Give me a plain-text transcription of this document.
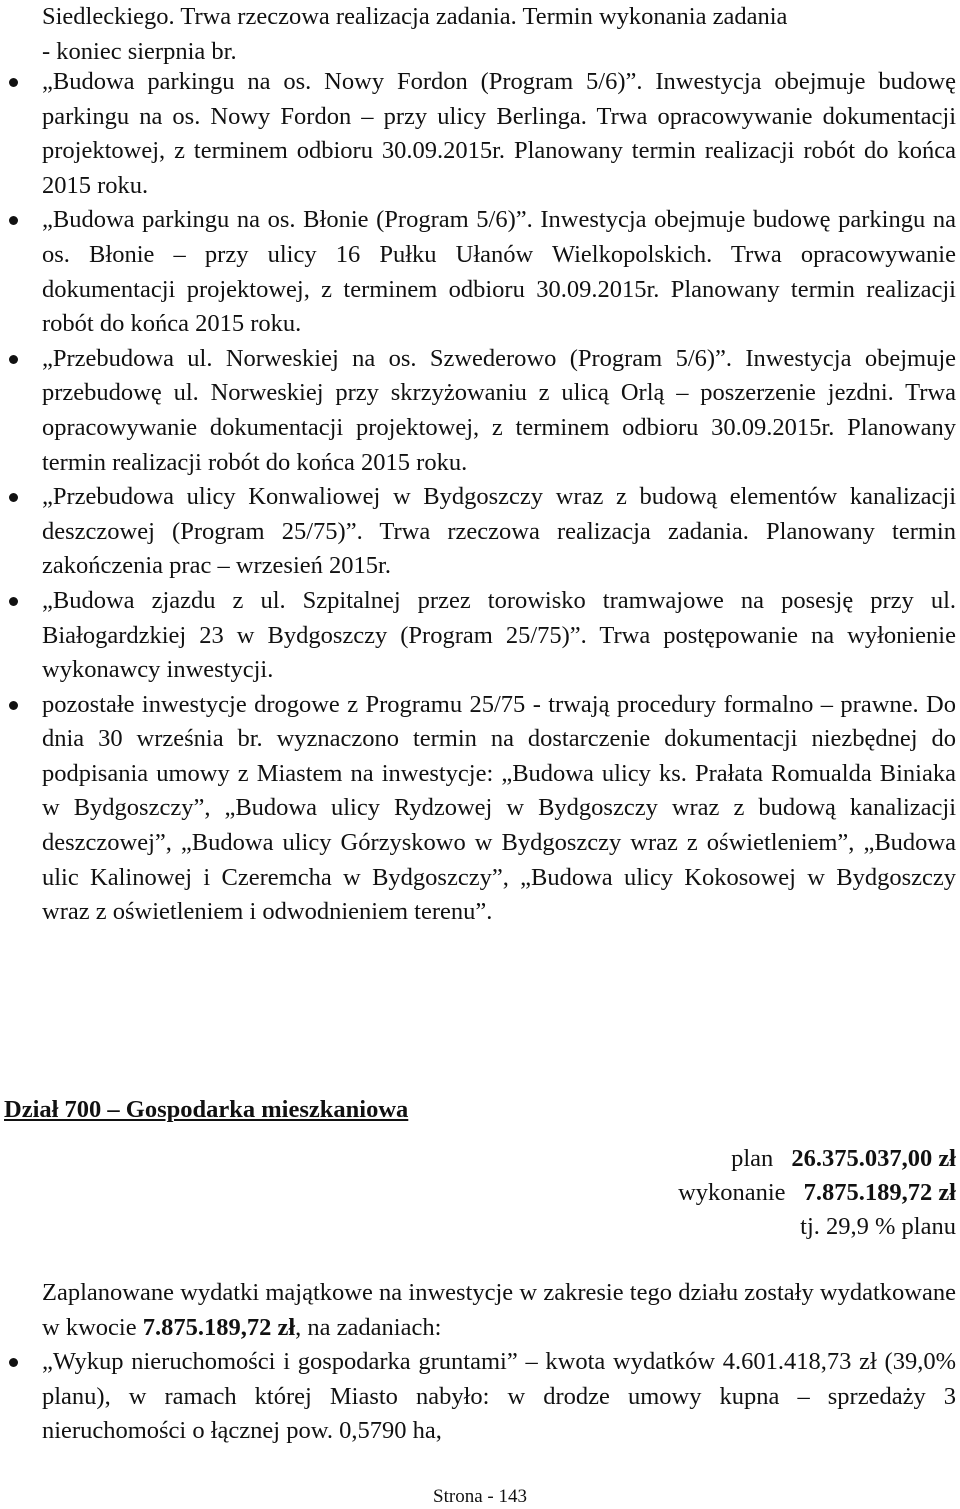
Siedleckiego. Trwa rzeczowa realizacja zadania. Termin wykonania zadania
- koniec sierpnia br.

„Budowa parkingu na os. Nowy Fordon (Program 5/6)”. Inwestycja obejmuje budowę parkingu na os. Nowy Fordon – przy ulicy Berlinga. Trwa opracowywanie dokumentacji projektowej, z terminem odbioru 30.09.2015r. Planowany termin realizacji robót do końca 2015 roku.
„Budowa parkingu na os. Błonie (Program 5/6)”. Inwestycja obejmuje budowę parkingu na os. Błonie – przy ulicy 16 Pułku Ułanów Wielkopolskich. Trwa opracowywanie dokumentacji projektowej, z terminem odbioru 30.09.2015r. Planowany termin realizacji robót do końca 2015 roku.
„Przebudowa ul. Norweskiej na os. Szwederowo (Program 5/6)”. Inwestycja obejmuje przebudowę ul. Norweskiej przy skrzyżowaniu z ulicą Orlą – poszerzenie jezdni. Trwa opracowywanie dokumentacji projektowej, z terminem odbioru 30.09.2015r. Planowany termin realizacji robót do końca 2015 roku.
„Przebudowa ulicy Konwaliowej w Bydgoszczy wraz z budową elementów kanalizacji deszczowej (Program 25/75)”. Trwa rzeczowa realizacja zadania. Planowany termin zakończenia prac – wrzesień 2015r.
„Budowa zjazdu z ul. Szpitalnej przez torowisko tramwajowe na posesję przy ul. Białogardzkiej 23 w Bydgoszczy (Program 25/75)”. Trwa postępowanie na wyłonienie wykonawcy inwestycji.
pozostałe inwestycje drogowe z Programu 25/75 - trwają procedury formalno – prawne. Do dnia 30 września br. wyznaczono termin na dostarczenie dokumentacji niezbędnej do podpisania umowy z Miastem na inwestycje: „Budowa ulicy ks. Prałata Romualda Biniaka w Bydgoszczy”, „Budowa ulicy Rydzowej w Bydgoszczy wraz z budową kanalizacji deszczowej”, „Budowa ulicy Górzyskowo w Bydgoszczy wraz z oświetleniem”, „Budowa ulic Kalinowej i Czeremcha w Bydgoszczy”, „Budowa ulicy Kokosowej w Bydgoszczy wraz z oświetleniem i odwodnieniem terenu”.
Dział 700 – Gospodarka mieszkaniowa
plan 26.375.037,00 zł
wykonanie 7.875.189,72 zł
tj. 29,9 % planu

Zaplanowane wydatki majątkowe na inwestycje w zakresie tego działu zostały wydatkowane w kwocie 7.875.189,72 zł, na zadaniach:

„Wykup nieruchomości i gospodarka gruntami” – kwota wydatków 4.601.418,73 zł (39,0% planu), w ramach której Miasto nabyło: w drodze umowy kupna – sprzedaży 3 nieruchomości o łącznej pow. 0,5790 ha,
Strona - 143
